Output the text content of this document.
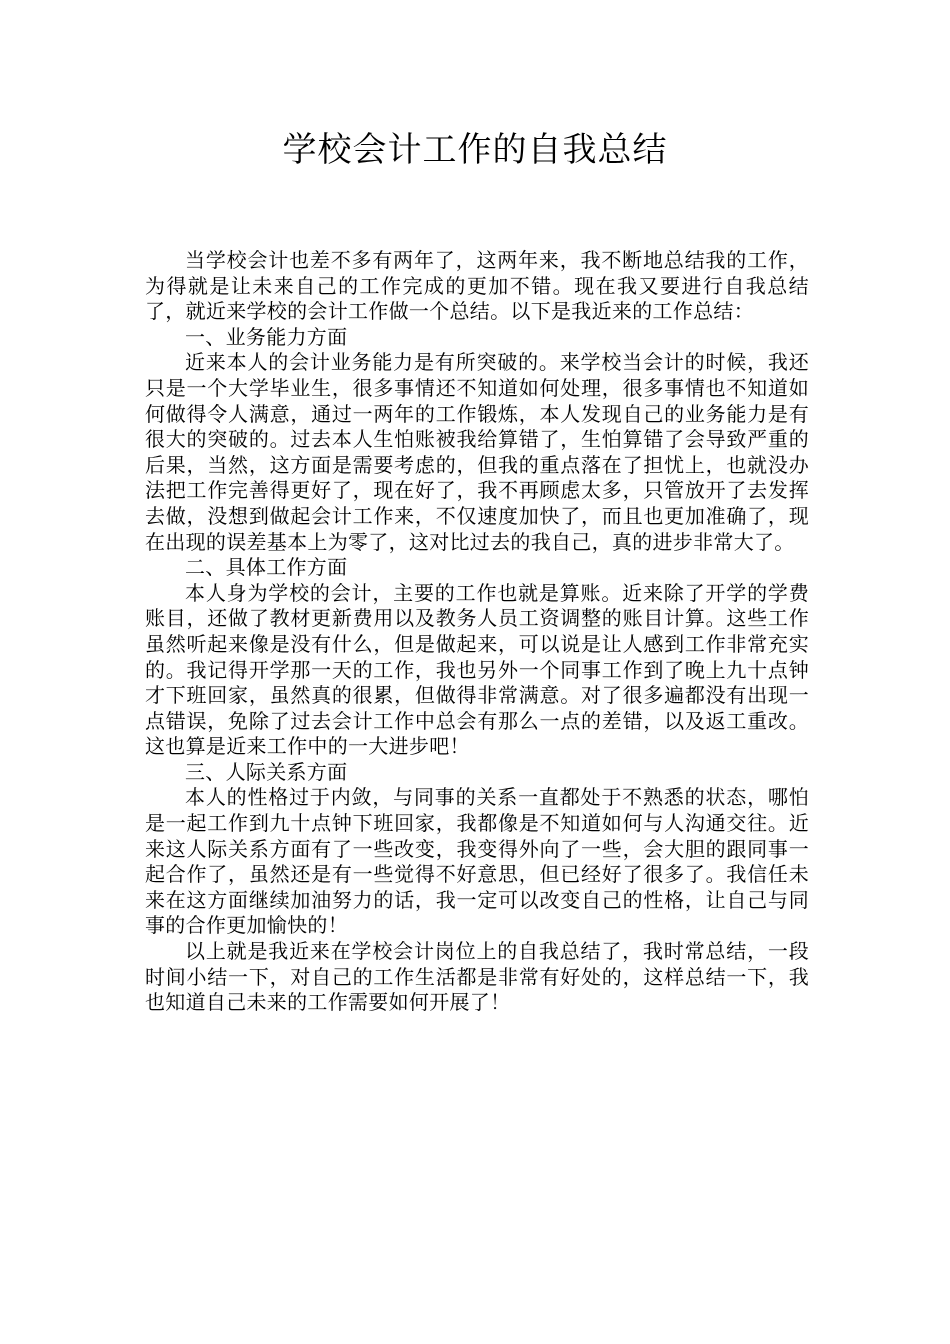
学校会计工作的自我总结

当学校会计也差不多有两年了，这两年来，我不断地总结我的工作，为得就是让未来自己的工作完成的更加不错。现在我又要进行自我总结了，就近来学校的会计工作做一个总结。以下是我近来的工作总结：

一、业务能力方面

近来本人的会计业务能力是有所突破的。来学校当会计的时候，我还只是一个大学毕业生，很多事情还不知道如何处理，很多事情也不知道如何做得令人满意，通过一两年的工作锻炼，本人发现自己的业务能力是有很大的突破的。过去本人生怕账被我给算错了，生怕算错了会导致严重的后果，当然，这方面是需要考虑的，但我的重点落在了担忧上，也就没办法把工作完善得更好了，现在好了，我不再顾虑太多，只管放开了去发挥去做，没想到做起会计工作来，不仅速度加快了，而且也更加准确了，现在出现的误差基本上为零了，这对比过去的我自己，真的进步非常大了。

二、具体工作方面

本人身为学校的会计，主要的工作也就是算账。近来除了开学的学费账目，还做了教材更新费用以及教务人员工资调整的账目计算。这些工作虽然听起来像是没有什么，但是做起来，可以说是让人感到工作非常充实的。我记得开学那一天的工作，我也另外一个同事工作到了晚上九十点钟才下班回家，虽然真的很累，但做得非常满意。对了很多遍都没有出现一点错误，免除了过去会计工作中总会有那么一点的差错，以及返工重改。这也算是近来工作中的一大进步吧！

三、人际关系方面

本人的性格过于内敛，与同事的关系一直都处于不熟悉的状态，哪怕是一起工作到九十点钟下班回家，我都像是不知道如何与人沟通交往。近来这人际关系方面有了一些改变，我变得外向了一些，会大胆的跟同事一起合作了，虽然还是有一些觉得不好意思，但已经好了很多了。我信任未来在这方面继续加油努力的话，我一定可以改变自己的性格，让自己与同事的合作更加愉快的！

以上就是我近来在学校会计岗位上的自我总结了，我时常总结，一段时间小结一下，对自己的工作生活都是非常有好处的，这样总结一下，我也知道自己未来的工作需要如何开展了！
